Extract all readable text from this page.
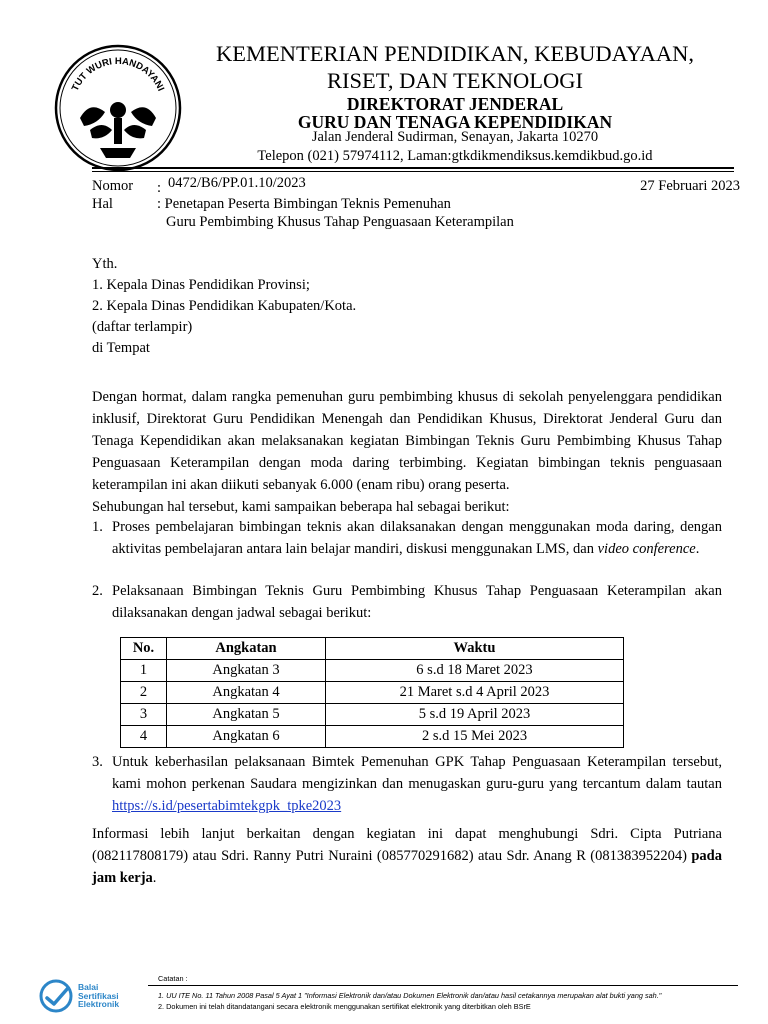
TUT WURI HANDAYANI
KEMENTERIAN PENDIDIKAN, KEBUDAYAAN,
RISET, DAN TEKNOLOGI
DIREKTORAT JENDERAL
GURU DAN TENAGA KEPENDIDIKAN
Jalan Jenderal Sudirman, Senayan, Jakarta 10270
Telepon (021) 57974112, Laman:gtkdikmendiksus.kemdikbud.go.id
Nomor : 0472/B6/PP.01.10/2023	27 Februari 2023
Hal	: Penetapan Peserta Bimbingan Teknis Pemenuhan
Guru Pembimbing Khusus Tahap Penguasaan Keterampilan
Yth.
1. Kepala Dinas Pendidikan Provinsi;
2. Kepala Dinas Pendidikan Kabupaten/Kota.
(daftar terlampir)
di Tempat
Dengan hormat, dalam rangka pemenuhan guru pembimbing khusus di sekolah penyelenggara pendidikan inklusif, Direktorat Guru Pendidikan Menengah dan Pendidikan Khusus, Direktorat Jenderal Guru dan Tenaga Kependidikan akan melaksanakan kegiatan Bimbingan Teknis Guru Pembimbing Khusus Tahap Penguasaan Keterampilan dengan moda daring terbimbing. Kegiatan bimbingan teknis penguasaan keterampilan ini akan diikuti sebanyak 6.000 (enam ribu) orang peserta.
Sehubungan hal tersebut, kami sampaikan beberapa hal sebagai berikut:
1. Proses pembelajaran bimbingan teknis akan dilaksanakan dengan menggunakan moda daring, dengan aktivitas pembelajaran antara lain belajar mandiri, diskusi menggunakan LMS, dan video conference.
2. Pelaksanaan Bimbingan Teknis Guru Pembimbing Khusus Tahap Penguasaan Keterampilan akan dilaksanakan dengan jadwal sebagai berikut:
No.	Angkatan	Waktu
1	Angkatan 3	6 s.d 18 Maret 2023
2	Angkatan 4	21 Maret s.d 4 April 2023
3	Angkatan 5	5 s.d 19 April 2023
4	Angkatan 6	2 s.d 15 Mei 2023
3. Untuk keberhasilan pelaksanaan Bimtek Pemenuhan GPK Tahap Penguasaan Keterampilan tersebut, kami mohon perkenan Saudara mengizinkan dan menugaskan guru-guru yang tercantum dalam tautan https://s.id/pesertabimtekgpk_tpke2023
Informasi lebih lanjut berkaitan dengan kegiatan ini dapat menghubungi Sdri. Cipta Putriana (082117808179) atau Sdri. Ranny Putri Nuraini (085770291682) atau Sdr. Anang R (081383952204) pada jam kerja.
Balai
Sertifikasi
Elektronik
Catatan :
1. UU ITE No. 11 Tahun 2008 Pasal 5 Ayat 1 "Informasi Elektronik dan/atau Dokumen Elektronik dan/atau hasil cetakannya merupakan alat bukti yang sah."
2. Dokumen ini telah ditandatangani secara elektronik menggunakan sertifikat elektronik yang diterbitkan oleh BSrE
